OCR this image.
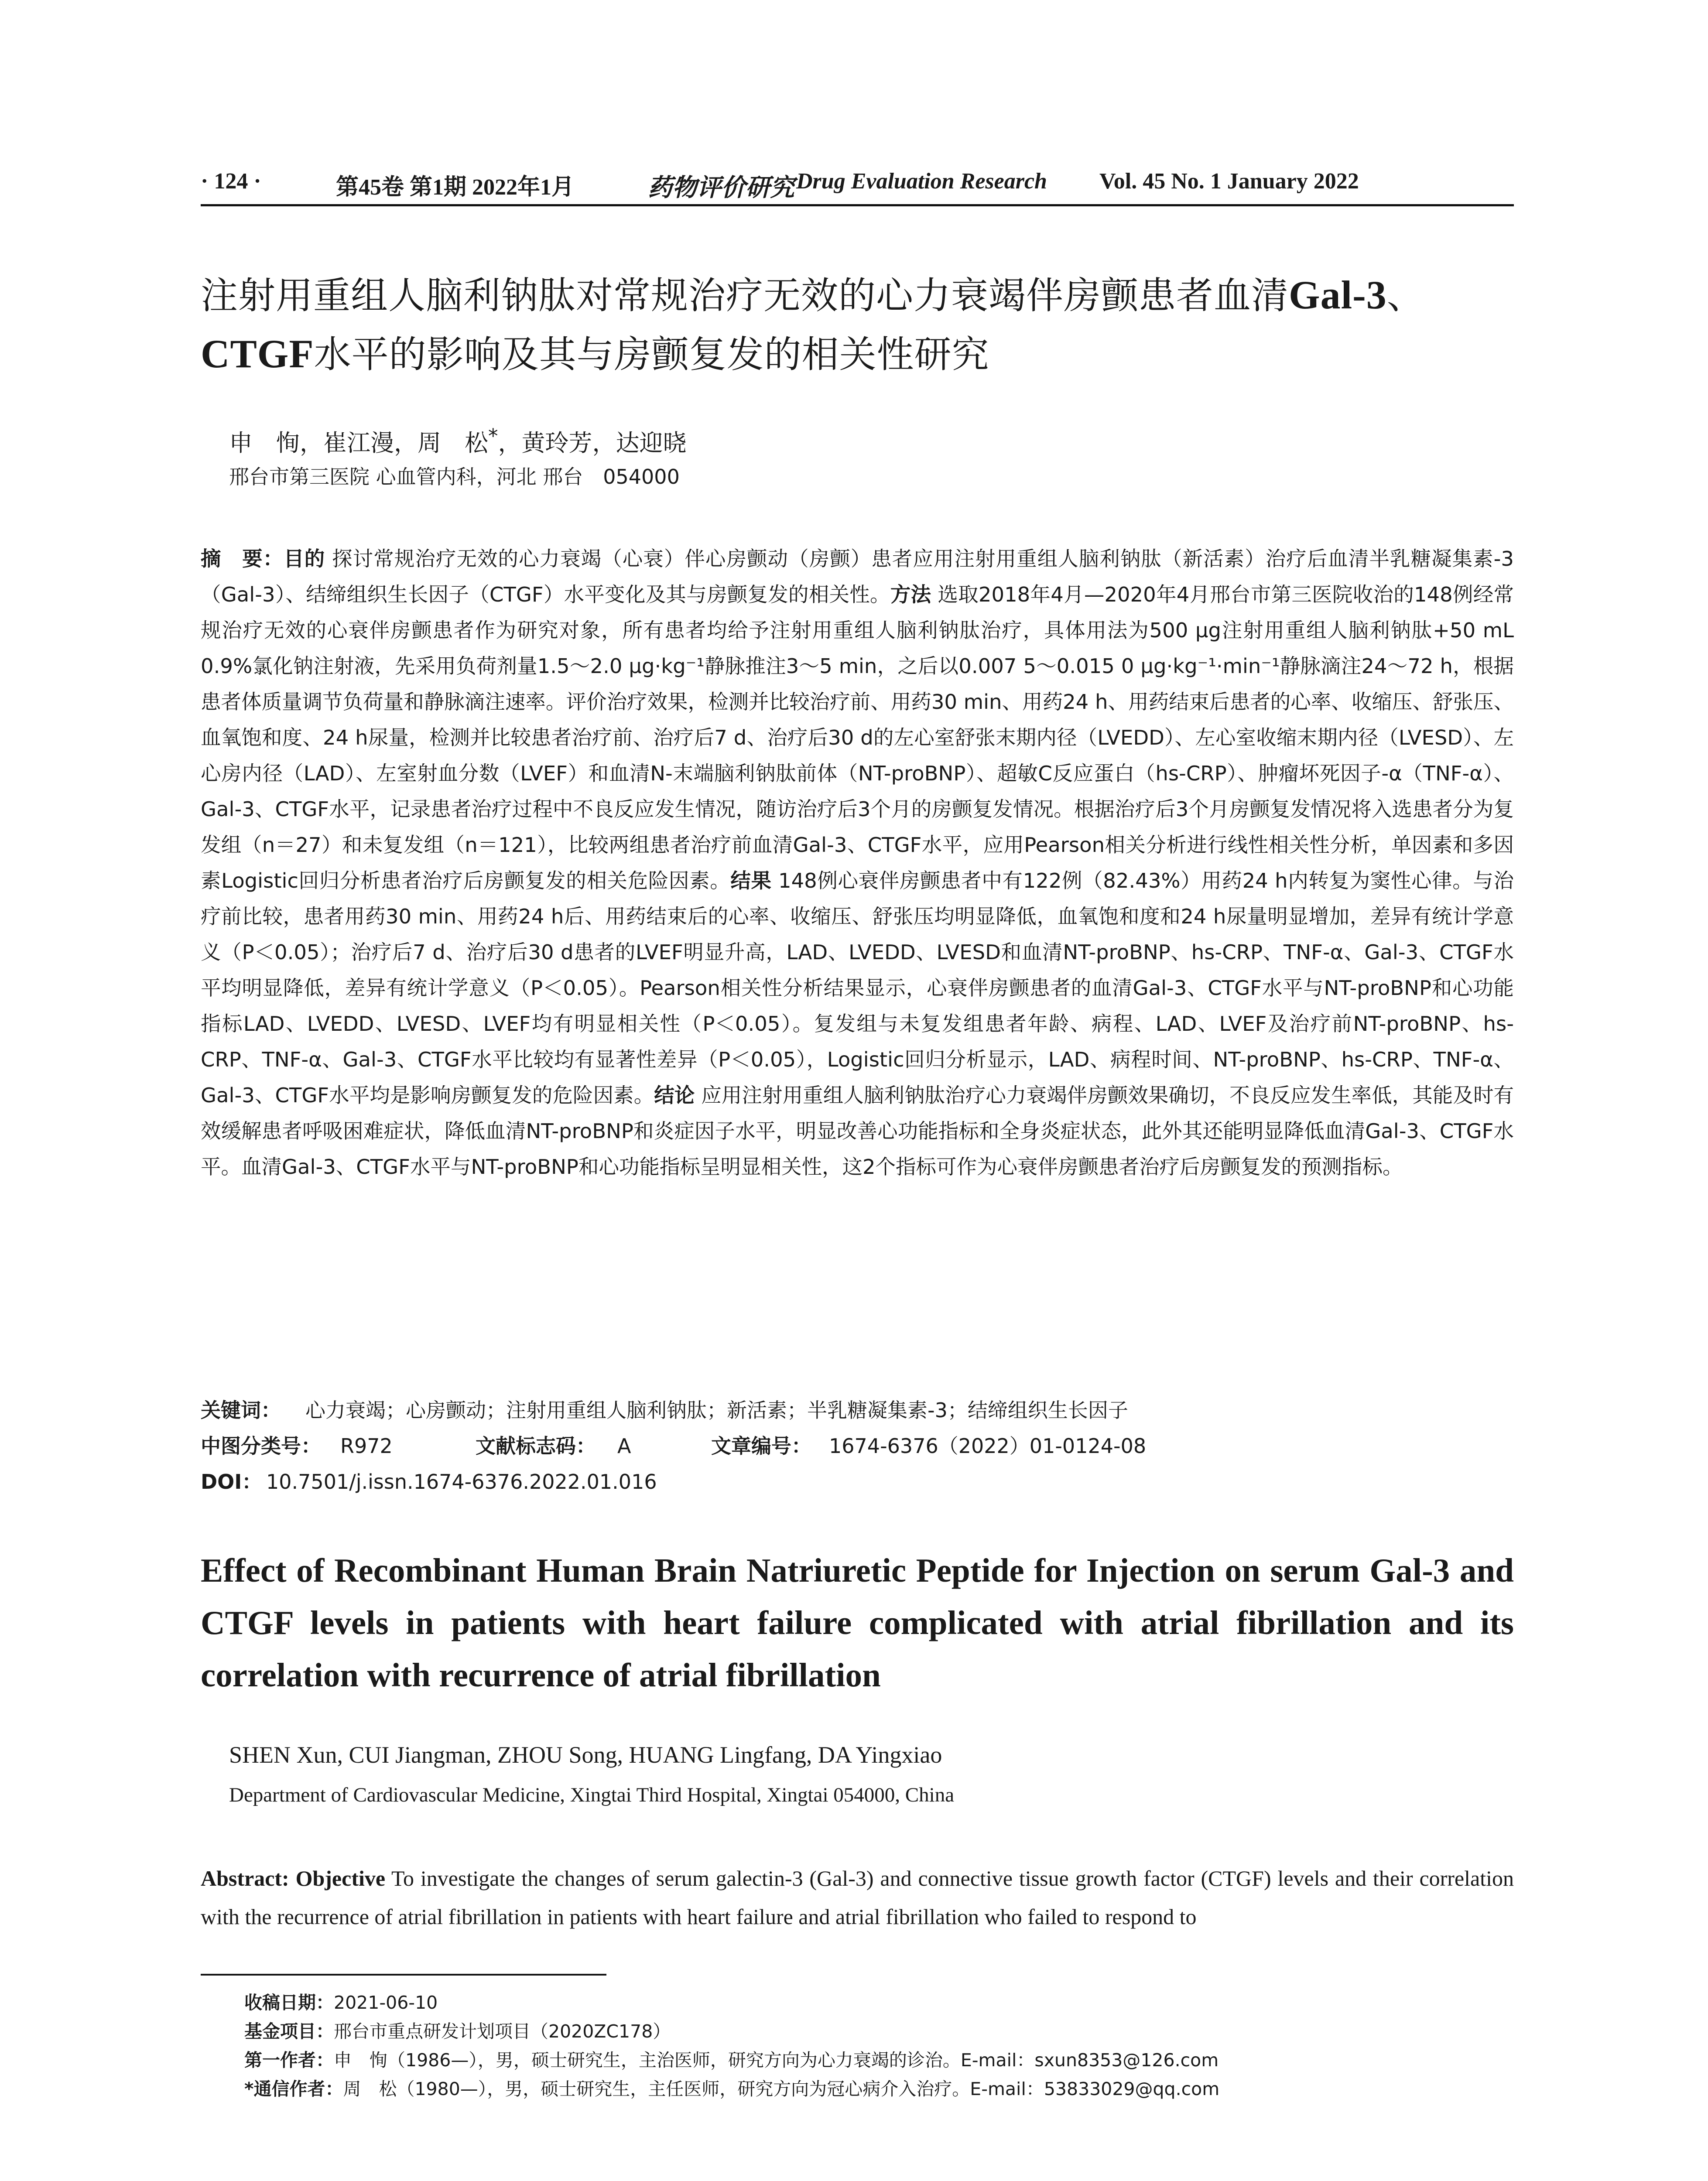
· 124 ·	第45卷 第1期 2022年1月	药物评价研究 Drug Evaluation Research Vol. 45 No. 1 January 2022
注射用重组人脑利钠肽对常规治疗无效的心力衰竭伴房颤患者血清Gal-3、
CTGF水平的影响及其与房颤复发的相关性研究
申　恂，崔江漫，周　松*，黄玲芳，达迎晓
邢台市第三医院 心血管内科，河北 邢台　054000
摘　要：目的 探讨常规治疗无效的心力衰竭（心衰）伴心房颤动（房颤）患者应用注射用重组人脑利钠肽（新活素）治疗后血清半乳糖凝集素-3（Gal-3）、结缔组织生长因子（CTGF）水平变化及其与房颤复发的相关性。方法 选取2018年4月—2020年4月邢台市第三医院收治的148例经常规治疗无效的心衰伴房颤患者作为研究对象，所有患者均给予注射用重组人脑利钠肽治疗，具体用法为500 μg注射用重组人脑利钠肽+50 mL 0.9%氯化钠注射液，先采用负荷剂量1.5～2.0 μg·kg⁻¹静脉推注3～5 min，之后以0.007 5～0.015 0 μg·kg⁻¹·min⁻¹静脉滴注24～72 h，根据患者体质量调节负荷量和静脉滴注速率。评价治疗效果，检测并比较治疗前、用药30 min、用药24 h、用药结束后患者的心率、收缩压、舒张压、血氧饱和度、24 h尿量，检测并比较患者治疗前、治疗后7 d、治疗后30 d的左心室舒张末期内径（LVEDD）、左心室收缩末期内径（LVESD）、左心房内径（LAD）、左室射血分数（LVEF）和血清N-末端脑利钠肽前体（NT-proBNP）、超敏C反应蛋白（hs-CRP）、肿瘤坏死因子-α（TNF-α）、Gal-3、CTGF水平，记录患者治疗过程中不良反应发生情况，随访治疗后3个月的房颤复发情况。根据治疗后3个月房颤复发情况将入选患者分为复发组（n＝27）和未复发组（n＝121），比较两组患者治疗前血清Gal-3、CTGF水平，应用Pearson相关分析进行线性相关性分析，单因素和多因素Logistic回归分析患者治疗后房颤复发的相关危险因素。结果 148例心衰伴房颤患者中有122例（82.43%）用药24 h内转复为窦性心律。与治疗前比较，患者用药30 min、用药24 h后、用药结束后的心率、收缩压、舒张压均明显降低，血氧饱和度和24 h尿量明显增加，差异有统计学意义（P＜0.05）；治疗后7 d、治疗后30 d患者的LVEF明显升高，LAD、LVEDD、LVESD和血清NT-proBNP、hs-CRP、TNF-α、Gal-3、CTGF水平均明显降低，差异有统计学意义（P＜0.05）。Pearson相关性分析结果显示，心衰伴房颤患者的血清Gal-3、CTGF水平与NT-proBNP和心功能指标LAD、LVEDD、LVESD、LVEF均有明显相关性（P＜0.05）。复发组与未复发组患者年龄、病程、LAD、LVEF及治疗前NT-proBNP、hs-CRP、TNF-α、Gal-3、CTGF水平比较均有显著性差异（P＜0.05），Logistic回归分析显示，LAD、病程时间、NT-proBNP、hs-CRP、TNF-α、Gal-3、CTGF水平均是影响房颤复发的危险因素。结论 应用注射用重组人脑利钠肽治疗心力衰竭伴房颤效果确切，不良反应发生率低，其能及时有效缓解患者呼吸困难症状，降低血清NT-proBNP和炎症因子水平，明显改善心功能指标和全身炎症状态，此外其还能明显降低血清Gal-3、CTGF水平。血清Gal-3、CTGF水平与NT-proBNP和心功能指标呈明显相关性，这2个指标可作为心衰伴房颤患者治疗后房颤复发的预测指标。
关键词： 心力衰竭；心房颤动；注射用重组人脑利钠肽；新活素；半乳糖凝集素-3；结缔组织生长因子
中图分类号： R972	文献标志码： A	文章编号： 1674-6376（2022）01-0124-08
DOI： 10.7501/j.issn.1674-6376.2022.01.016
Effect of Recombinant Human Brain Natriuretic Peptide for Injection on serum Gal-3 and CTGF levels in patients with heart failure complicated with atrial fibrillation and its correlation with recurrence of atrial fibrillation
SHEN Xun, CUI Jiangman, ZHOU Song, HUANG Lingfang, DA Yingxiao
Department of Cardiovascular Medicine, Xingtai Third Hospital, Xingtai 054000, China
Abstract: Objective To investigate the changes of serum galectin-3 (Gal-3) and connective tissue growth factor (CTGF) levels and their correlation with the recurrence of atrial fibrillation in patients with heart failure and atrial fibrillation who failed to respond to
收稿日期：2021-06-10
基金项目：邢台市重点研发计划项目（2020ZC178）
第一作者：申　恂（1986—），男，硕士研究生，主治医师，研究方向为心力衰竭的诊治。E-mail：sxun8353@126.com
*通信作者：周　松（1980—），男，硕士研究生，主任医师，研究方向为冠心病介入治疗。E-mail：53833029@qq.com
